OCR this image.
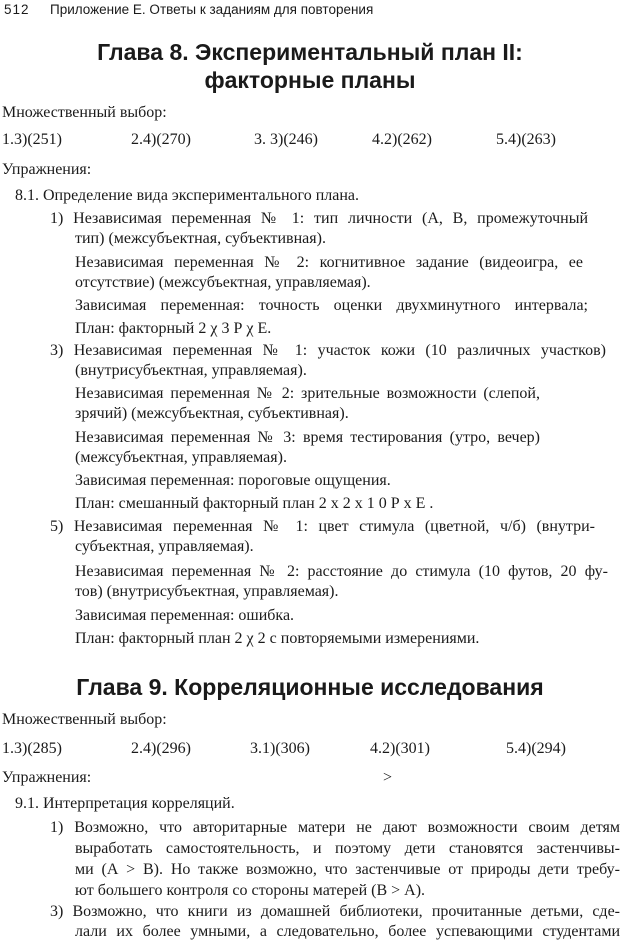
512 Приложение Е. Ответы к заданиям для повторения
Глава 8. Экспериментальный план II:
факторные планы
Множественный выбор:
1.3)(251)	2.4)(270)	3. 3)(246)	4.2)(262)	5.4)(263)
Упражнения:
8.1. Определение вида экспериментального плана.
1) Независимая переменная № 1: тип личности (А, В, промежуточный
тип) (межсубъектная, субъективная).
Независимая переменная № 2: когнитивное задание (видеоигра, ее
отсутствие) (межсубъектная, управляемая).
Зависимая переменная: точность оценки двухминутного интервала;
План: факторный 2 χ 3 Р χ Е.
3) Независимая переменная № 1: участок кожи (10 различных участков)
(внутрисубъектная, управляемая).
Независимая переменная № 2: зрительные возможности (слепой,
зрячий) (межсубъектная, субъективная).
Независимая переменная № 3: время тестирования (утро, вечер)
(межсубъектная, управляемая).
Зависимая переменная: пороговые ощущения.
План: смешанный факторный план 2 x 2 x 1 0 Р x Е .
5) Независимая переменная № 1: цвет стимула (цветной, ч/б) (внутри-
субъектная, управляемая).
Независимая переменная № 2: расстояние до стимула (10 футов, 20 фу-
тов) (внутрисубъектная, управляемая).
Зависимая переменная: ошибка.
План: факторный план 2 χ 2 с повторяемыми измерениями.
Глава 9. Корреляционные исследования
Множественный выбор:
1.3)(285)	2.4)(296)	3.1)(306)	4.2)(301)	5.4)(294)
Упражнения:	>
9.1. Интерпретация корреляций.
1) Возможно, что авторитарные матери не дают возможности своим детям
выработать самостоятельность, и поэтому дети становятся застенчивы-
ми (А > В). Но также возможно, что застенчивые от природы дети требу-
ют большего контроля со стороны матерей (В > А).
3) Возможно, что книги из домашней библиотеки, прочитанные детьми, сде-
лали их более умными, а следовательно, более успевающими студентами
